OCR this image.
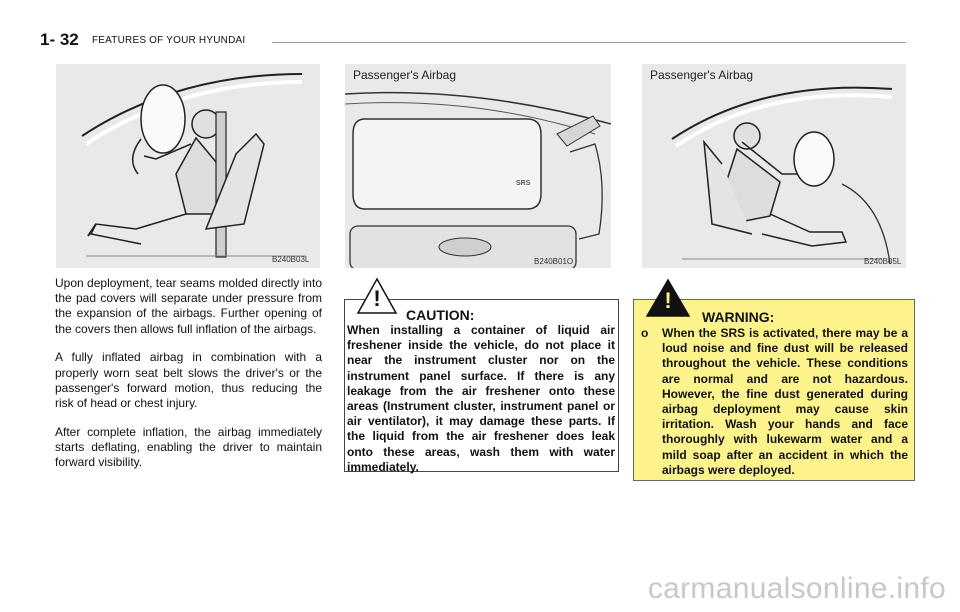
1- 32 FEATURES OF YOUR HYUNDAI
B240B03L
Passenger's Airbag
SRS
B240B01O
Passenger's Airbag
B240B05L

Upon deployment, tear seams molded directly into the pad covers will separate under pressure from the expansion of the airbags. Further opening of the covers then allows full inflation of the airbags.

A fully inflated airbag in combination with a properly worn seat belt slows the driver's or the passenger's forward motion, thus reducing the risk of head or chest injury.

After complete inflation, the airbag immediately starts deflating, enabling the driver to maintain forward visibility.

!
CAUTION:
When installing a container of liquid air freshener inside the vehicle, do not place it near the instrument cluster nor on the instrument panel surface. If there is any leakage from the air freshener onto these areas (Instrument cluster, instrument panel or air ventilator), it may damage these parts. If the liquid from the air freshener does leak onto these areas, wash them with water immediately.
!
WARNING:
o When the SRS is activated, there may be a loud noise and fine dust will be released throughout the vehicle. These conditions are normal and are not hazardous. However, the fine dust generated during airbag deployment may cause skin irritation. Wash your hands and face thoroughly with lukewarm water and a mild soap after an accident in which the airbags were deployed.
carmanualsonline.info
